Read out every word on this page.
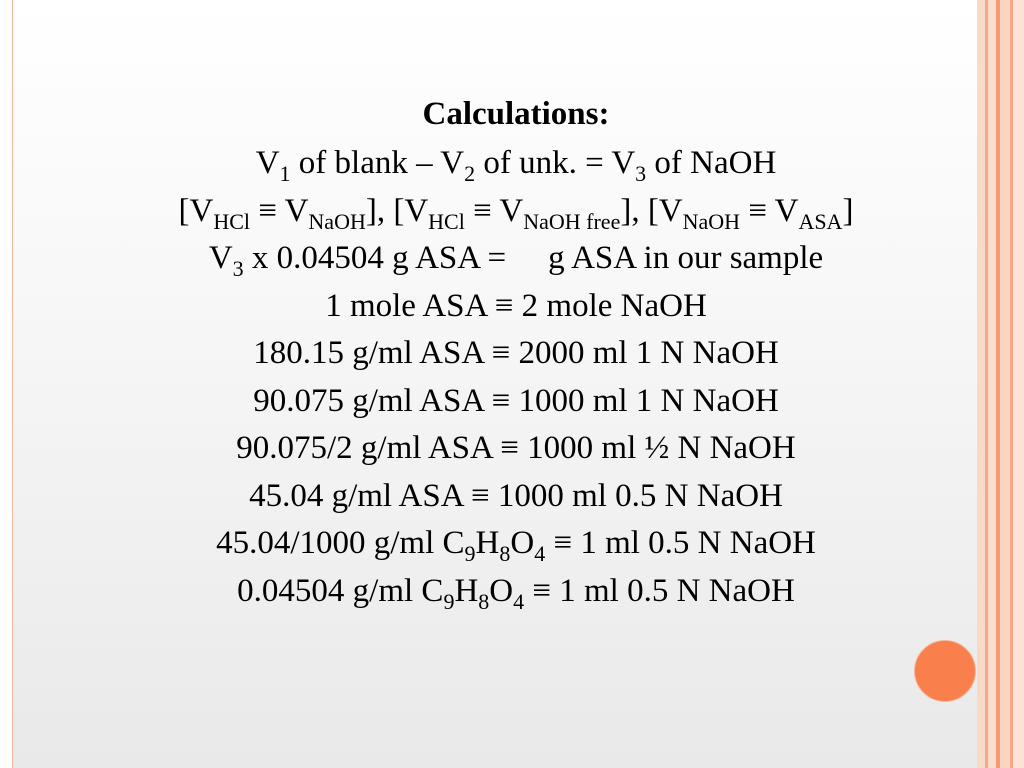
Calculations:
$V_1$ of blank – $V_2$ of unk. = $V_3$ of NaOH
$[V_{HCl} \equiv V_{NaOH}]$, $[V_{HCl} \equiv V_{NaOH free}]$, $[V_{NaOH} \equiv V_{ASA}]$
$V_3$ x 0.04504 g ASA = g ASA in our sample
1 mole ASA ≡ 2 mole NaOH
180.15 g/ml ASA ≡ 2000 ml 1 N NaOH
90.075 g/ml ASA ≡ 1000 ml 1 N NaOH
90.075/2 g/ml ASA ≡ 1000 ml ½ N NaOH
45.04 g/ml ASA ≡ 1000 ml 0.5 N NaOH
45.04/1000 g/ml $C_9H_8O_4 \equiv 1$ ml 0.5 N NaOH
0.04504 g/ml $C_9H_8O_4 \equiv 1$ ml 0.5 N NaOH
